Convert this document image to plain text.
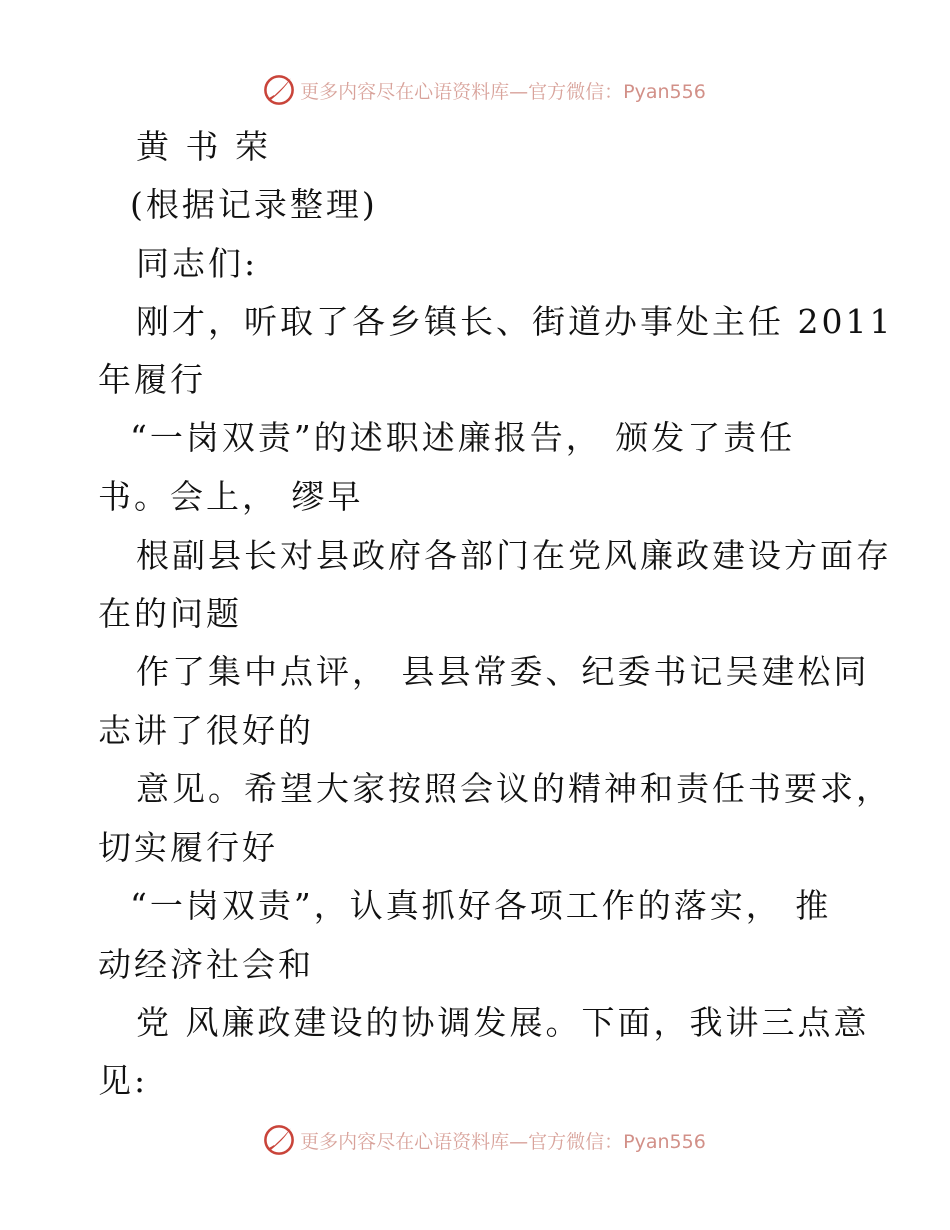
更多内容尽在心语资料库—官方微信：Pyan556
黄 书 荣
(根据记录整理)
同志们:
刚才，听取了各乡镇长、街道办事处主任 2011
年履行
“一岗双责”的述职述廉报告， 颁发了责任
书。会上， 缪早
根副县长对县政府各部门在党风廉政建设方面存
在的问题
作了集中点评， 县县常委、纪委书记吴建松同
志讲了很好的
意见。希望大家按照会议的精神和责任书要求，
切实履行好
“一岗双责”，认真抓好各项工作的落实， 推
动经济社会和
党 风廉政建设的协调发展。下面，我讲三点意
见:
更多内容尽在心语资料库—官方微信：Pyan556
